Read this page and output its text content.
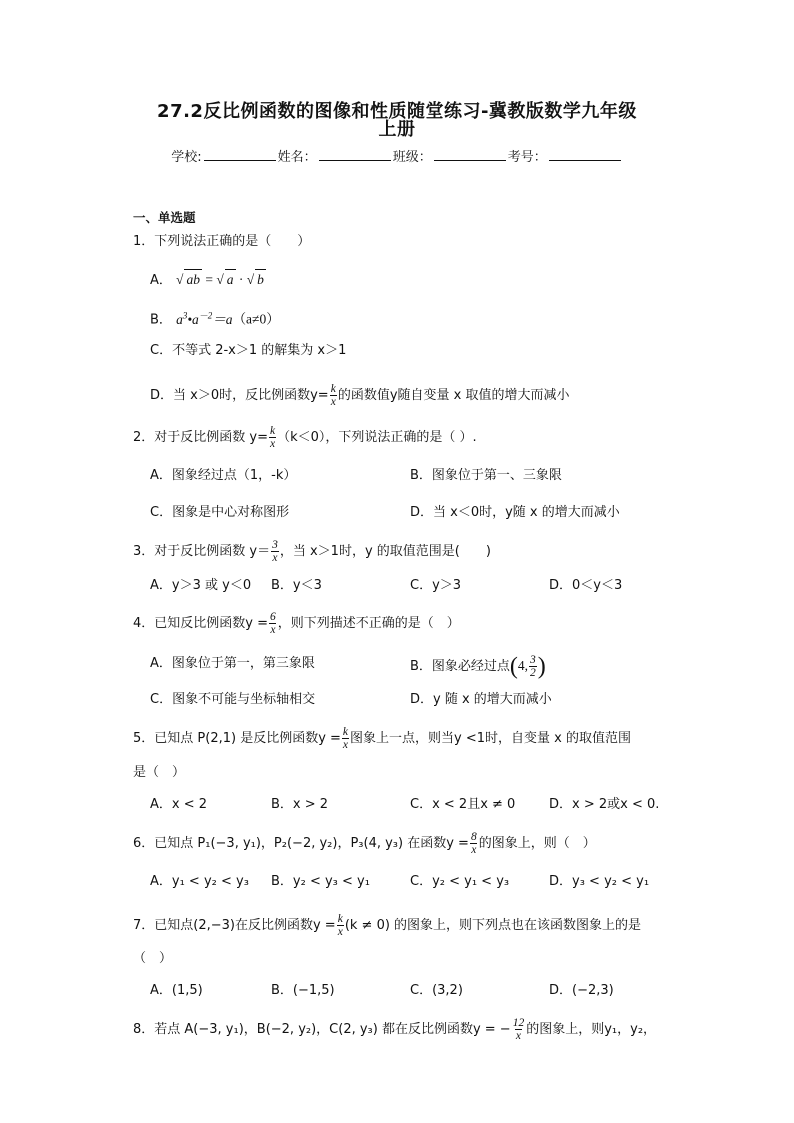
27.2反比例函数的图像和性质随堂练习-冀教版数学九年级
上册
学校:	姓名：	班级：	考号：
一、单选题
1．下列说法正确的是（　　）
A． √ ab = √ a · √ b
B． $a^3•a^{-2}=a(a\ne 0)$
C．不等式 2-x＞1 的解集为 x＞1
D．当 x＞0时，反比例函数$y= \frac{k}{x}$ 的函数值y随自变量 x 取值的增大而减小
2．对于反比例函数 $y= \frac{k}{x} (k<0)$，下列说法正确的是（ ）.
A．图象经过点（1，-k）	B．图象位于第一、三象限
C．图象是中心对称图形	D．当 x＜0时，y随 x 的增大而减小
3．对于反比例函数 $y= \frac{3}{x}$ ，当 x＞1时，y 的取值范围是(　　)
A．y＞3 或 y＜0 B．y＜3	C．y＞3	D．0＜y＜3
4．已知反比例函数$y = \frac{6}{x}$ ，则下列描述不正确的是（　）
A．图象位于第一，第三象限	B．图象必经过点(4, $\frac{3}{2}$ )
C．图象不可能与坐标轴相交	D．y 随 x 的增大而减小
5．已知点 P(2,1) 是反比例函数$y = \frac{k}{x}$ 图象上一点，则当y <1时，自变量 x 的取值范围
是（　）
A．x < 2	B．x > 2	C．x < 2且x ≠ 0	D．x > 2或x < 0.
6．已知点 P₁(−3, y₁)，P₂(−2, y₂)，P₃(4, y₃) 在函数$y = \frac{8}{x}$ 的图象上，则（　）
A．y₁ < y₂ < y₃ B．y₂ < y₃ < y₁	C．y₂ < y₁ < y₃	D．y₃ < y₂ < y₁
7．已知点(2,−3)在反比例函数$y = \frac{k}{x} (k \ne 0)$ 的图象上，则下列点也在该函数图象上的是
（　）
A．(1,5)	B．(−1,5)	C．(3,2)	D．(−2,3)
8．若点 A(−3, y₁)，B(−2, y₂)，C(2, y₃) 都在反比例函数y = − $\frac{12}{x}$ 的图象上，则y₁，y₂，
